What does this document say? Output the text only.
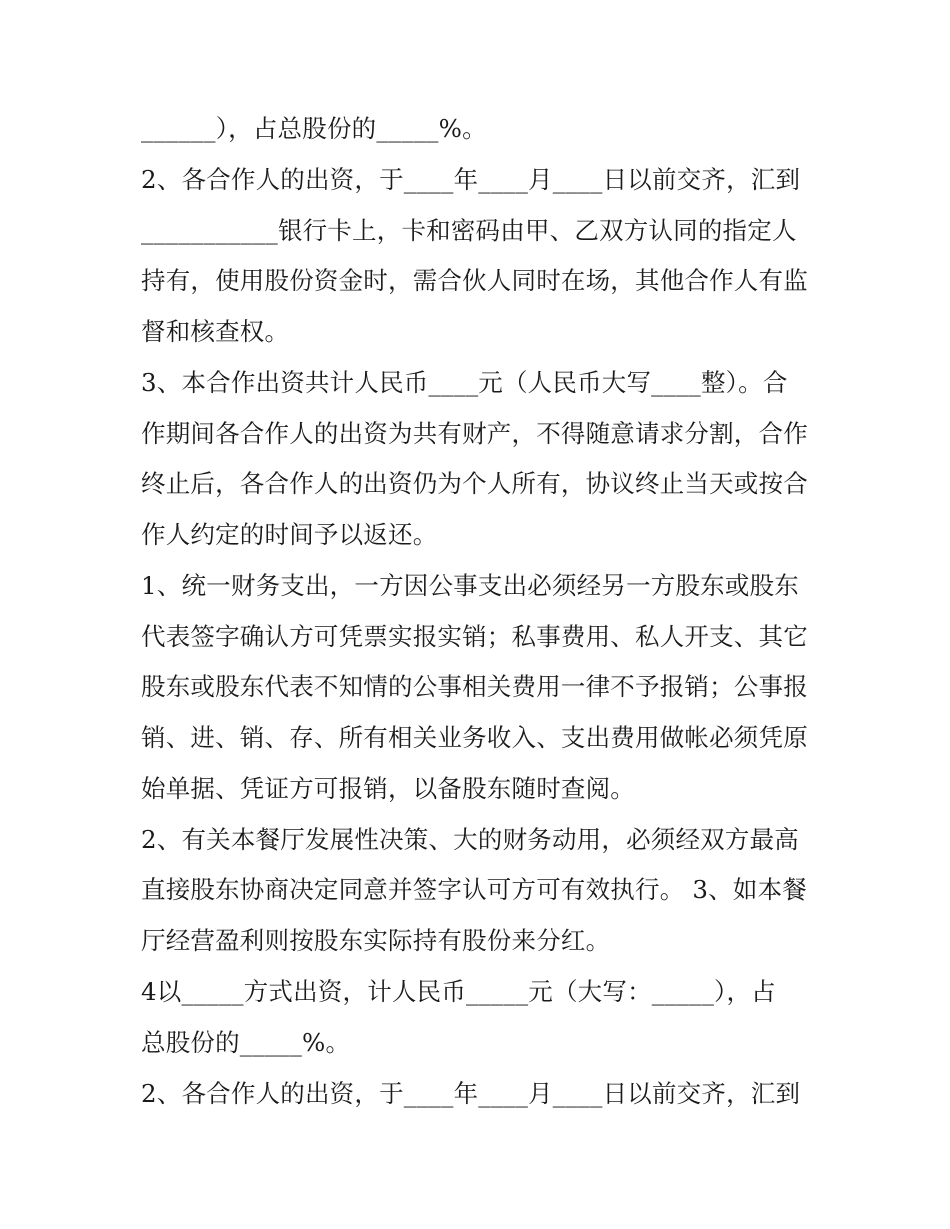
______），占总股份的_____%。
2、各合作人的出资，于____年____月____日以前交齐，汇到
___________银行卡上，卡和密码由甲、乙双方认同的指定人
持有，使用股份资金时，需合伙人同时在场，其他合作人有监
督和核查权。
3、本合作出资共计人民币____元（人民币大写____整）。合
作期间各合作人的出资为共有财产，不得随意请求分割，合作
终止后，各合作人的出资仍为个人所有，协议终止当天或按合
作人约定的时间予以返还。
1、统一财务支出，一方因公事支出必须经另一方股东或股东
代表签字确认方可凭票实报实销；私事费用、私人开支、其它
股东或股东代表不知情的公事相关费用一律不予报销；公事报
销、进、销、存、所有相关业务收入、支出费用做帐必须凭原
始单据、凭证方可报销，以备股东随时查阅。
2、有关本餐厅发展性决策、大的财务动用，必须经双方最高
直接股东协商决定同意并签字认可方可有效执行。 3、如本餐
厅经营盈利则按股东实际持有股份来分红。
4以_____方式出资，计人民币_____元（大写：_____），占
总股份的_____%。
2、各合作人的出资，于____年____月____日以前交齐，汇到
